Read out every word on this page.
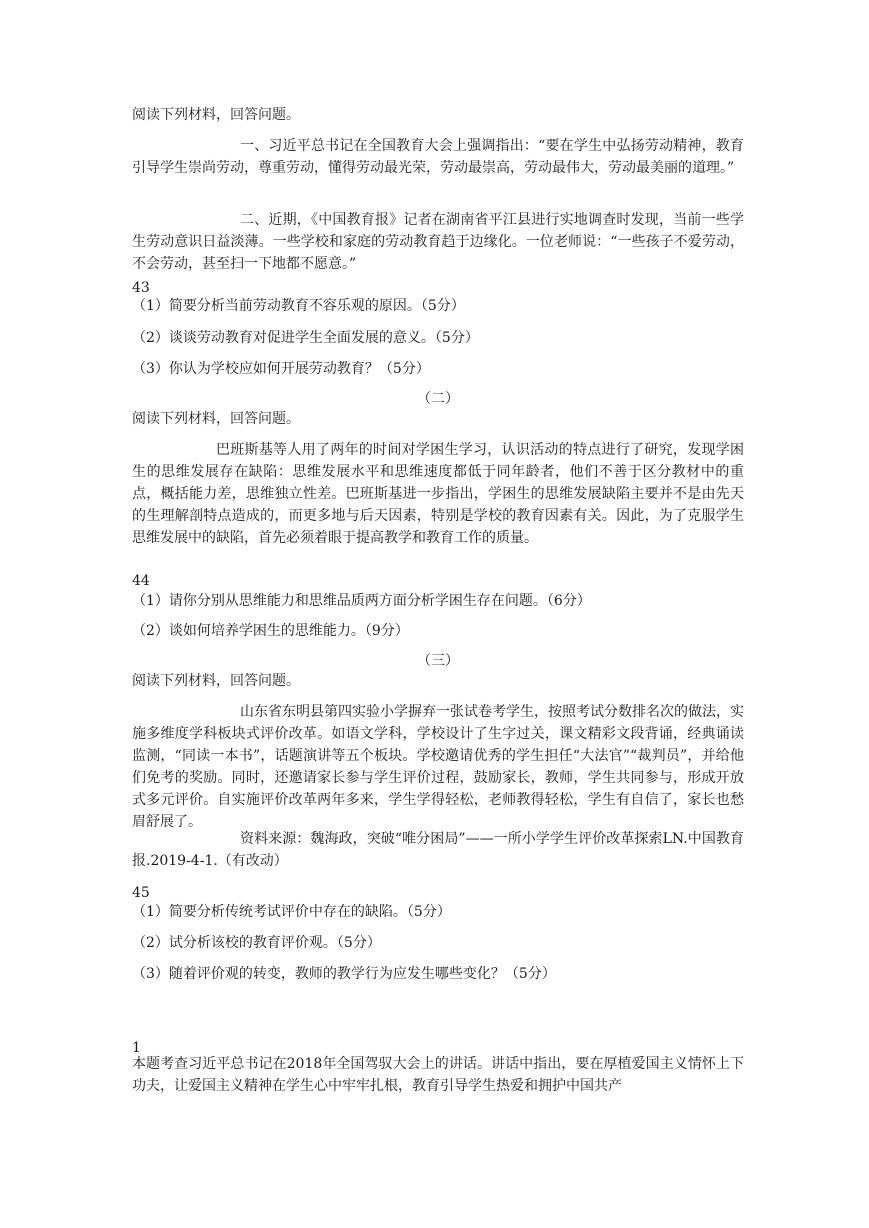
阅读下列材料，回答问题。
一、习近平总书记在全国教育大会上强调指出：“要在学生中弘扬劳动精神，教育引导学生崇尚劳动，尊重劳动，懂得劳动最光荣，劳动最崇高，劳动最伟大，劳动最美丽的道理。”
二、近期，《中国教育报》记者在湖南省平江县进行实地调查时发现，当前一些学生劳动意识日益淡薄。一些学校和家庭的劳动教育趋于边缘化。一位老师说：“一些孩子不爱劳动，不会劳动，甚至扫一下地都不愿意。”
43
（1）简要分析当前劳动教育不容乐观的原因。（5分）
（2）谈谈劳动教育对促进学生全面发展的意义。（5分）
（3）你认为学校应如何开展劳动教育？（5分）
（二）
阅读下列材料，回答问题。
巴班斯基等人用了两年的时间对学困生学习，认识活动的特点进行了研究，发现学困生的思维发展存在缺陷：思维发展水平和思维速度都低于同年龄者，他们不善于区分教材中的重点，概括能力差，思维独立性差。巴班斯基进一步指出，学困生的思维发展缺陷主要并不是由先天的生理解剖特点造成的，而更多地与后天因素，特别是学校的教育因素有关。因此，为了克服学生思维发展中的缺陷，首先必须着眼于提高教学和教育工作的质量。
44
（1）请你分别从思维能力和思维品质两方面分析学困生存在问题。（6分）
（2）谈如何培养学困生的思维能力。（9分）
（三）
阅读下列材料，回答问题。
山东省东明县第四实验小学摒弃一张试卷考学生，按照考试分数排名次的做法，实施多维度学科板块式评价改革。如语文学科，学校设计了生字过关，课文精彩文段背诵，经典诵读监测，“同读一本书”，话题演讲等五个板块。学校邀请优秀的学生担任“大法官”“裁判员”，并给他们免考的奖励。同时，还邀请家长参与学生评价过程，鼓励家长，教师，学生共同参与，形成开放式多元评价。自实施评价改革两年多来，学生学得轻松，老师教得轻松，学生有自信了，家长也愁眉舒展了。
资料来源：魏海政，突破“唯分困局”——一所小学学生评价改革探索LN.中国教育报.2019-4-1.（有改动）
45
（1）简要分析传统考试评价中存在的缺陷。（5分）
（2）试分析该校的教育评价观。（5分）
（3）随着评价观的转变，教师的教学行为应发生哪些变化？（5分）
1
本题考查习近平总书记在2018年全国驾驭大会上的讲话。讲话中指出，要在厚植爱国主义情怀上下功夫，让爱国主义精神在学生心中牢牢扎根，教育引导学生热爱和拥护中国共产
